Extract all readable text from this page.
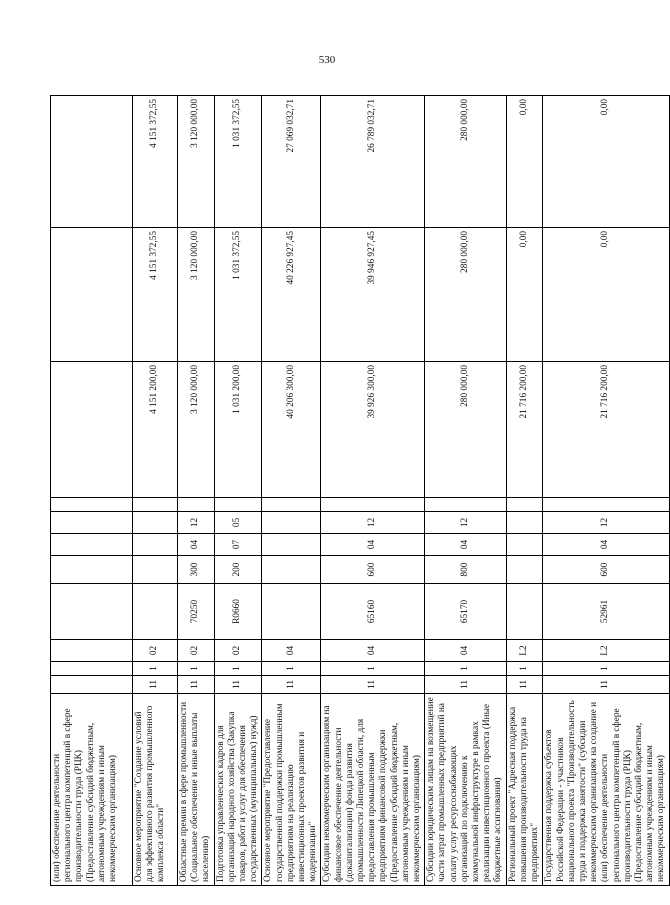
(или) обеспечение деятельности регионального центра компетенций в сфере производительности труда (РЦК) (Предоставление субсидий бюджетным, автономным учреждениям и иным некоммерческим организациям)											
Основное мероприятие "Создание условий для эффективного развития промышленного комплекса области"	11	1	02						4 151 200,00	4 151 372,55	4 151 372,55
Областные премии в сфере промышленности (Социальное обеспечение и иные выплаты населению)	11	1	02	70250	300	04	12		3 120 000,00	3 120 000,00	3 120 000,00
Подготовка управленческих кадров для организаций народного хозяйства (Закупка товаров, работ и услуг для обеспечения государственных (муниципальных) нужд)	11	1	02	R0660	200	07	05		1 031 200,00	1 031 372,55	1 031 372,55
Основное мероприятие "Предоставление государственной поддержки промышленным предприятиям на реализацию инвестиционных проектов развития и модернизации"	11	1	04						40 206 300,00	40 226 927,45	27 069 032,71
Субсидии некоммерческим организациям на финансовое обеспечение деятельности (докапитализации) фонда развития промышленности Липецкой области, для предоставления промышленным предприятиям финансовой поддержки (Предоставление субсидий бюджетным, автономным учреждениям и иным некоммерческим организациям)	11	1	04	65160	600	04	12		39 926 300,00	39 946 927,45	26 789 032,71
Субсидии юридическим лицам на возмещение части затрат промышленных предприятий на оплату услуг ресурсоснабжающих организаций по подключению к коммунальной инфраструктуре в рамках реализации инвестиционного проекта (Иные бюджетные ассигнования)	11	1	04	65170	800	04	12		280 000,00	280 000,00	280 000,00
Региональный проект "Адресная поддержка повышения производительности труда на предприятиях"	11	1	L2						21 716 200,00	0,00	0,00
Государственная поддержка субъектов Российской Федерации - участников национального проекта "Производительность труда и поддержка занятости" (субсидии некоммерческим организациям на создание и (или) обеспечение деятельности регионального центра компетенций в сфере производительности труда (РЦК) (Предоставление субсидий бюджетным, автономным учреждениям и иным некоммерческим организациям)	11	1	L2	52961	600	04	12		21 716 200,00	0,00	0,00
530
